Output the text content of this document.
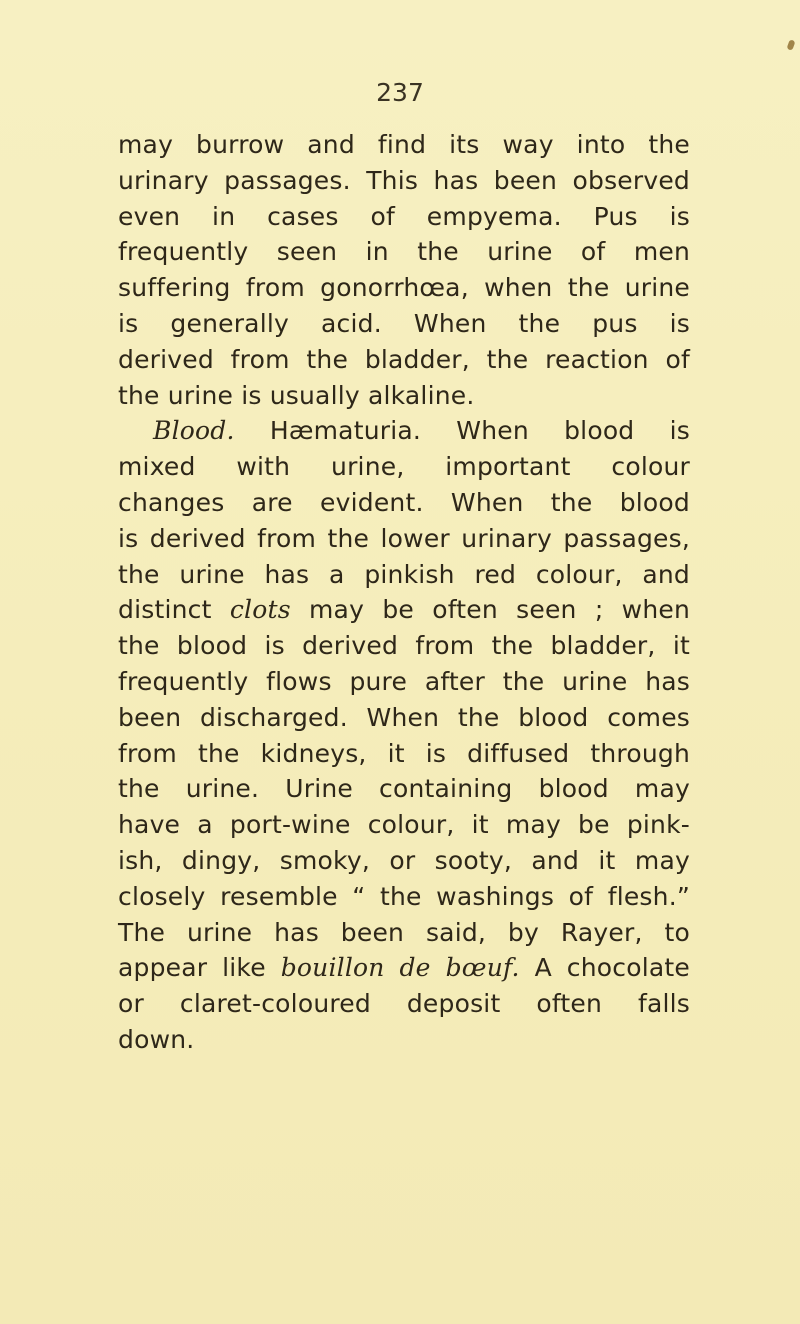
237
may burrow and find its way into the
urinary passages. This has been observed
even in cases of empyema. Pus is
frequently seen in the urine of men
suffering from gonorrhœa, when the urine
is generally acid. When the pus is
derived from the bladder, the reaction of
the urine is usually alkaline.
Blood. Hæmaturia. When blood is
mixed with urine, important colour
changes are evident. When the blood
is derived from the lower urinary passages,
the urine has a pinkish red colour, and
distinct clots may be often seen ; when
the blood is derived from the bladder, it
frequently flows pure after the urine has
been discharged. When the blood comes
from the kidneys, it is diffused through
the urine. Urine containing blood may
have a port-wine colour, it may be pink-
ish, dingy, smoky, or sooty, and it may
closely resemble “ the washings of flesh.”
The urine has been said, by Rayer, to
appear like bouillon de bœuf. A chocolate
or claret-coloured deposit often falls
down.
